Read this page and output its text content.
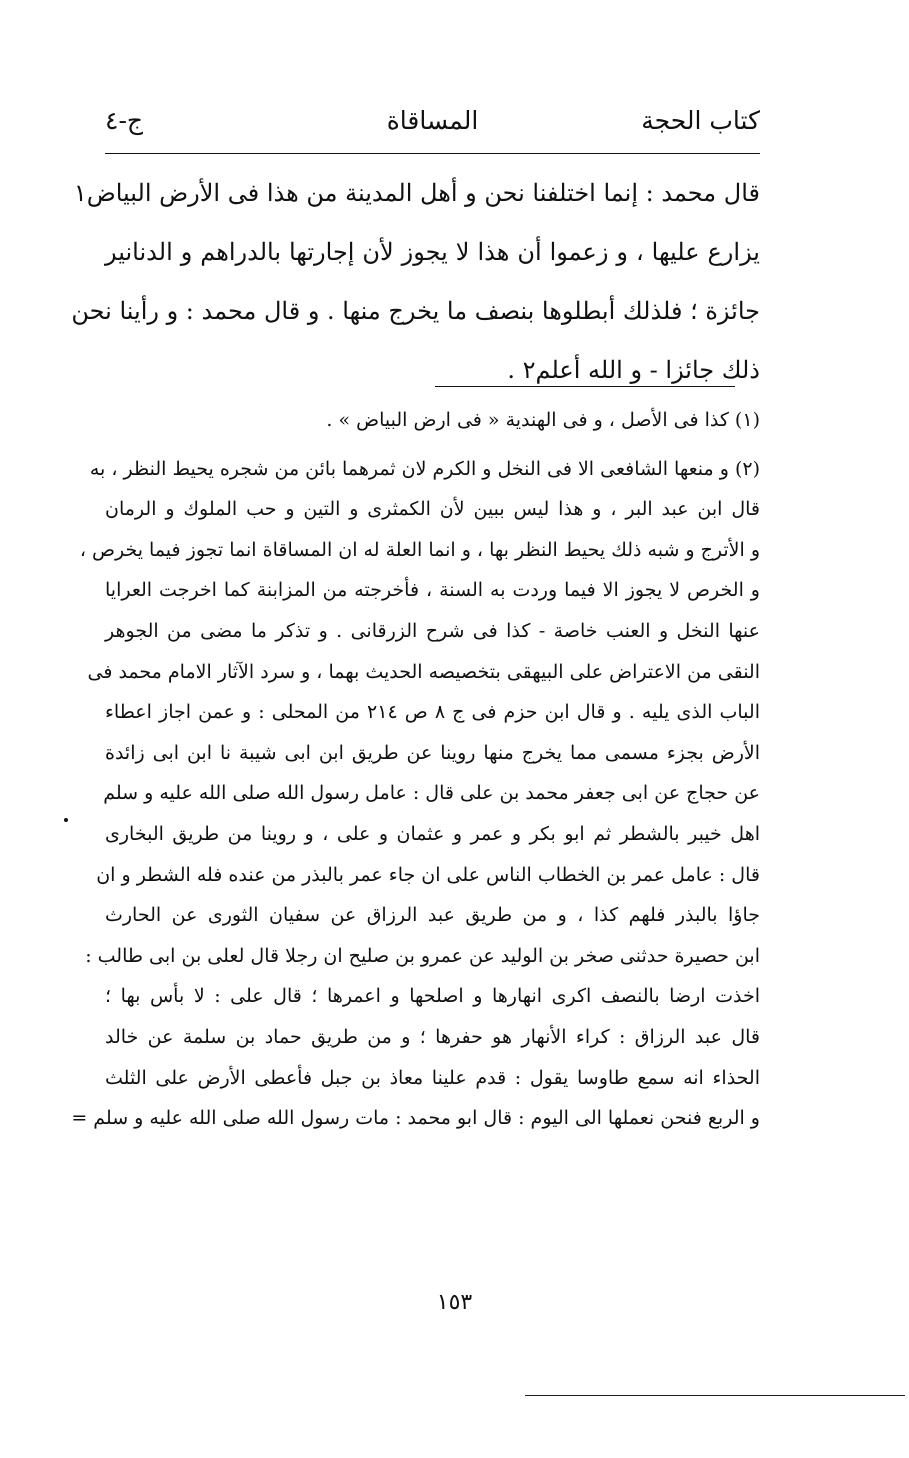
كتاب الحجة
المساقاة
ج-٤

قال محمد : إنما اختلفنا نحن و أهل المدينة من هذا فى الأرض البياض١

يزارع عليها ، و زعموا أن هذا لا يجوز لأن إجارتها بالدراهم و الدنانير

جائزة ؛ فلذلك أبطلوها بنصف ما يخرج منها . و قال محمد : و رأينا نحن

ذلك جائزا - و الله أعلم٢ .

(١) كذا فى الأصل ، و فى الهندية « فى ارض البياض » .

(٢) و منعها الشافعى الا فى النخل و الكرم لان ثمرهما بائن من شجره يحيط النظر ، به

قال ابن عبد البر ، و هذا ليس ببين لأن الكمثرى و التين و حب الملوك و الرمان

و الأترج و شبه ذلك يحيط النظر بها ، و انما العلة له ان المساقاة انما تجوز فيما يخرص ،

و الخرص لا يجوز الا فيما وردت به السنة ، فأخرجته من المزابنة كما اخرجت العرايا

عنها النخل و العنب خاصة - كذا فى شرح الزرقانى . و تذكر ما مضى من الجوهر

النقى من الاعتراض على البيهقى بتخصيصه الحديث بهما ، و سرد الآثار الامام محمد فى

الباب الذى يليه . و قال ابن حزم فى ج ٨ ص ٢١٤ من المحلى : و عمن اجاز اعطاء

الأرض بجزء مسمى مما يخرج منها روينا عن طريق ابن ابى شيبة نا ابن ابى زائدة

عن حجاج عن ابى جعفر محمد بن على قال : عامل رسول الله صلى الله عليه و سلم

اهل خيبر بالشطر ثم ابو بكر و عمر و عثمان و على ، و روينا من طريق البخارى

قال : عامل عمر بن الخطاب الناس على ان جاء عمر بالبذر من عنده فله الشطر و ان

جاؤا بالبذر فلهم كذا ، و من طريق عبد الرزاق عن سفيان الثورى عن الحارث

ابن حصيرة حدثنى صخر بن الوليد عن عمرو بن صليح ان رجلا قال لعلى بن ابى طالب :

اخذت ارضا بالنصف اكرى انهارها و اصلحها و اعمرها ؛ قال على : لا بأس بها ؛

قال عبد الرزاق : كراء الأنهار هو حفرها ؛ و من طريق حماد بن سلمة عن خالد

الحذاء انه سمع طاوسا يقول : قدم علينا معاذ بن جبل فأعطى الأرض على الثلث

و الربع فنحن نعملها الى اليوم : قال ابو محمد : مات رسول الله صلى الله عليه و سلم =

١٥٣
